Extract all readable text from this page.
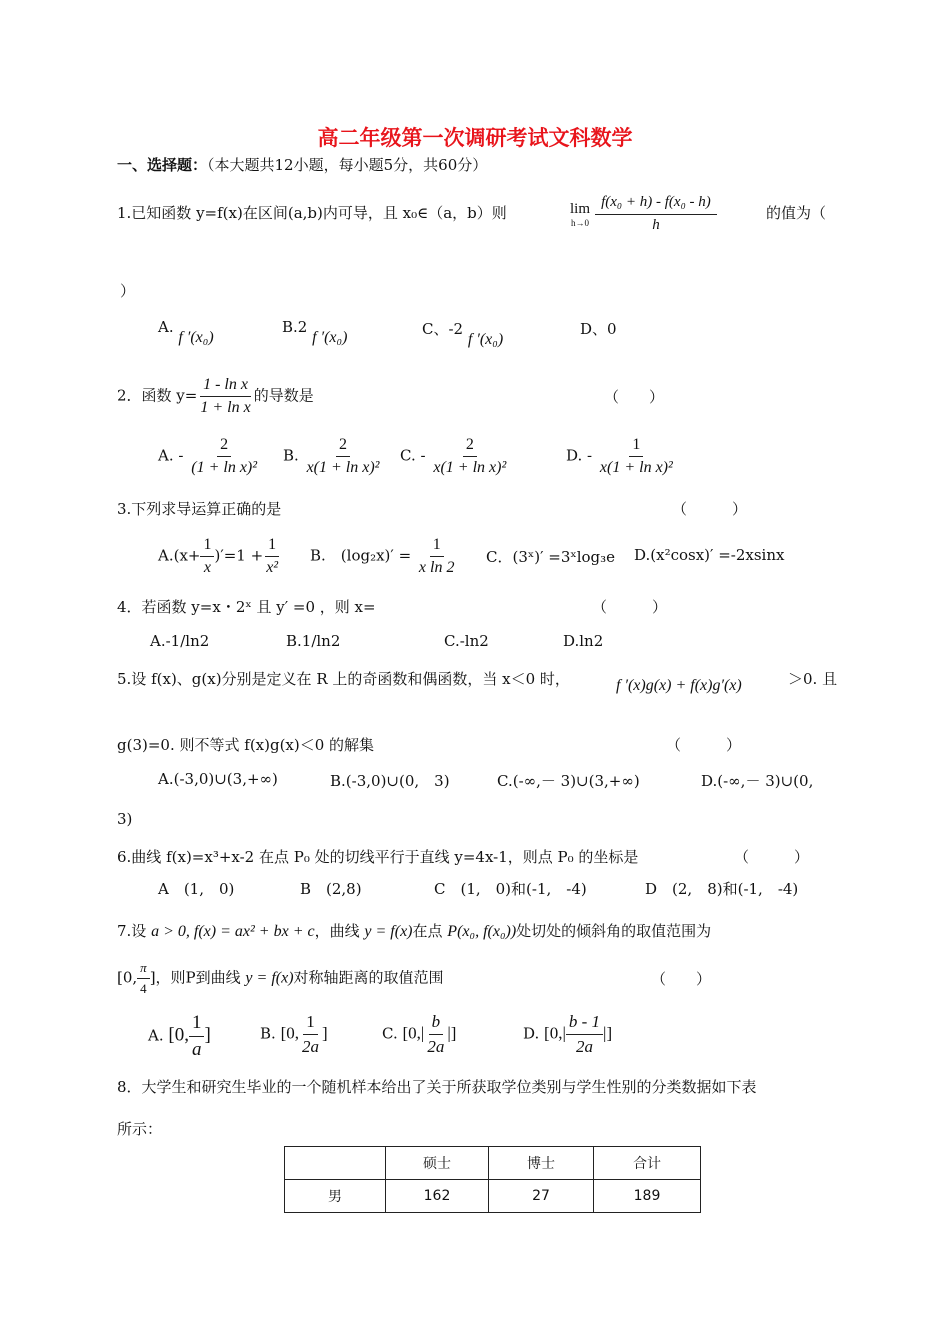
高二年级第一次调研考试文科数学
一、选择题：（本大题共12小题，每小题5分，共60分）
1.已知函数 y=f(x)在区间(a,b)内可导，且 x₀∈（a，b）则	lim
h→0
$\frac{\text{f(x₀ + h) - f(x₀ - h)}}{h}$	的值为（
）
A. f ′(x₀)
B.2 f ′(x₀)	C、-2 f ′(x₀)
D、0
2．函数 $y= \frac{\text{1 - ln x}}{\text{1 + ln x}}$ 的导数是	（　　）
A. - $\frac{2}{\text{(1 + ln x)²}} B$. $\frac{2}{\text{x(1 + ln x)²}} C$. - $\frac{2}{\text{x(1 + ln x)²}}$	D. - $\frac{1}{\text{x(1 + ln x)²}}$
3.下列求导运算正确的是	（　　　）
$A.(x+ \frac{1}{x} )'=1 + \frac{1}{\text{x²}} B$.　$(\log_2x)' = \frac{1}{\text{x ln 2}}$ C．(3ˣ)′ =3ˣlog₃e D.(x²cosx)′ =-2xsinx
4．若函数 y=x・2ˣ 且 y′ =0 ，则 x=	（　　　）
A.-1/ln2	B.1/ln2	C.-ln2	D.ln2
5.设 f(x)、g(x)分别是定义在 R 上的奇函数和偶函数，当 x＜0 时，	f ′(x)g(x) + f(x)g′(x)	＞0. 且
g(3)=0. 则不等式 f(x)g(x)＜0 的解集	（　　　）
A.(-3,0)∪(3,+∞)	B.(-3,0)∪(0,　3)	C.(-∞,－ 3)∪(3,+∞)	D.(-∞,－ 3)∪(0,
3)
6.曲线 f(x)=x³+x-2 在点 P₀ 处的切线平行于直线 y=4x-1，则点 P₀ 的坐标是	（　　　）
A　(1,　0)	B　(2,8)	C　(1,　0)和(-1,　-4)	D　(2,　8)和(-1,　-4)
7.设 a > 0, f(x) = ax² + bx + c，曲线 y = f(x)在点 P(x₀, f(x₀))处切处的倾斜角的取值范围为
[0, $\frac{\pi}{4}$ ]，则P到曲线 y = f(x)对称轴距离的取值范围	（　　）
A. [0, $\frac{1}{a}$ ]	B. [0, $\frac{1}{2a}$ ]	C. [$0,| \frac{b}{2a}$ |]	D. [$0,| \frac{b - 1}{2a}$ |]
8．大学生和研究生毕业的一个随机样本给出了关于所获取学位类别与学生性别的分类数据如下表
所示：
	硕士	博士	合计
男	162	27	189
